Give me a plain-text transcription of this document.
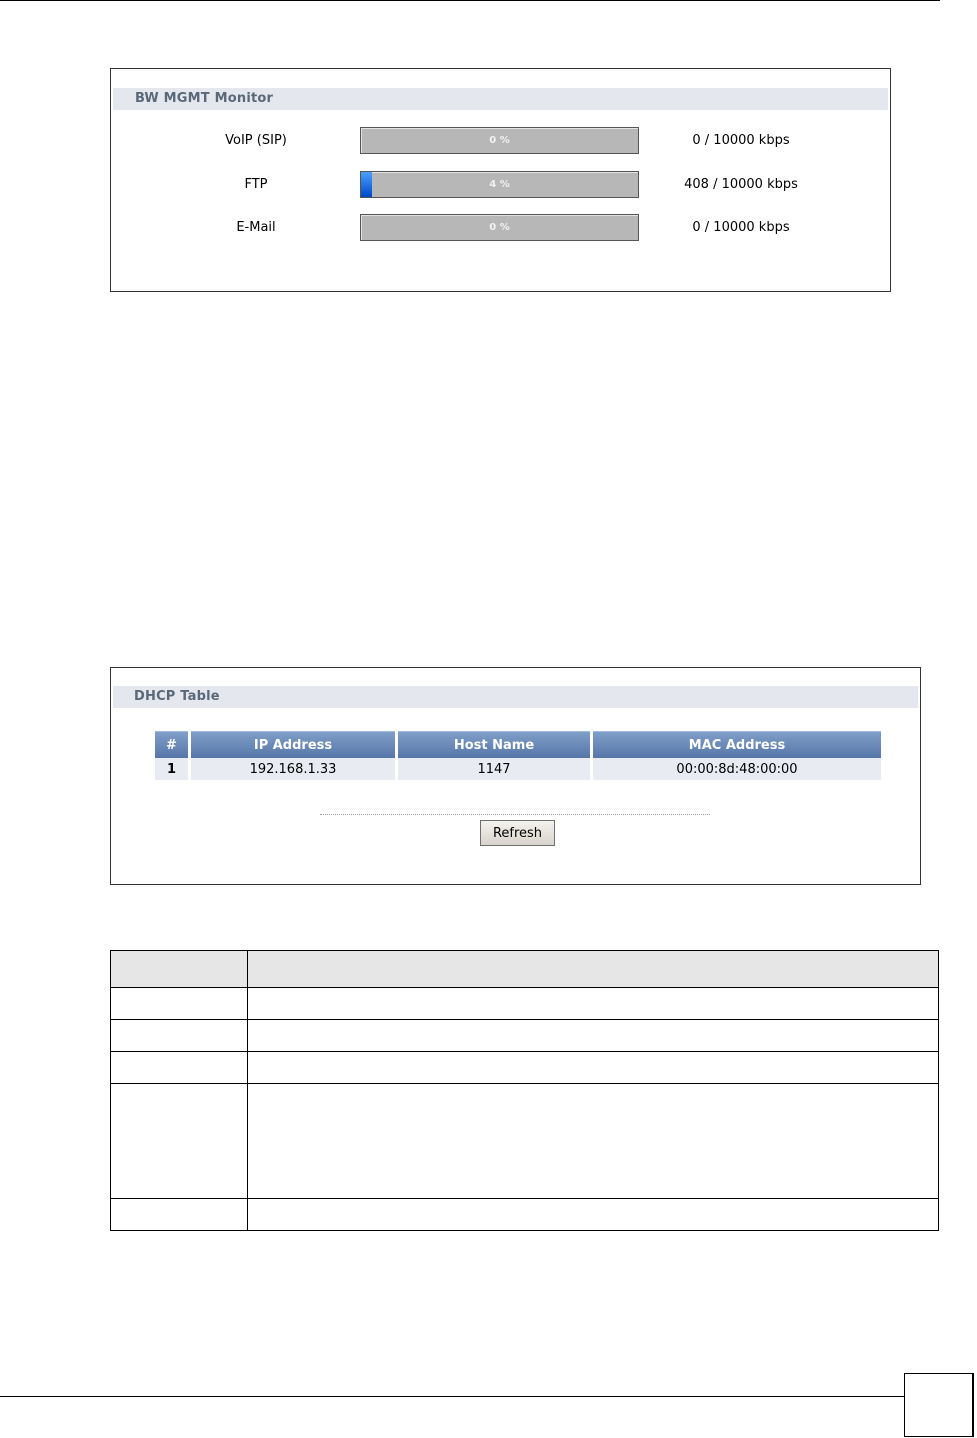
BW MGMT Monitor
VoIP (SIP)	0 %	0 / 10000 kbps
FTP	4 %	408 / 10000 kbps
E-Mail	0 %	0 / 10000 kbps
DHCP Table
#	IP Address	Host Name	MAC Address
1	192.168.1.33	1147	00:00:8d:48:00:00
Refresh
